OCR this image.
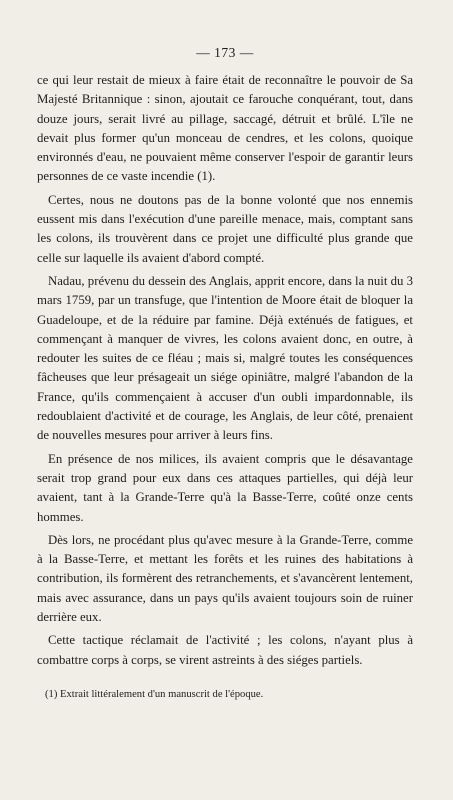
— 173 —

ce qui leur restait de mieux à faire était de reconnaître le pouvoir de Sa Majesté Britannique : sinon, ajoutait ce farouche conquérant, tout, dans douze jours, serait livré au pillage, saccagé, détruit et brûlé. L'île ne devait plus former qu'un monceau de cendres, et les colons, quoique environnés d'eau, ne pouvaient même conserver l'espoir de garantir leurs personnes de ce vaste incendie (1).

Certes, nous ne doutons pas de la bonne volonté que nos ennemis eussent mis dans l'exécution d'une pareille menace, mais, comptant sans les colons, ils trouvèrent dans ce projet une difficulté plus grande que celle sur laquelle ils avaient d'abord compté.

Nadau, prévenu du dessein des Anglais, apprit encore, dans la nuit du 3 mars 1759, par un transfuge, que l'intention de Moore était de bloquer la Guadeloupe, et de la réduire par famine. Déjà exténués de fatigues, et commençant à manquer de vivres, les colons avaient donc, en outre, à redouter les suites de ce fléau ; mais si, malgré toutes les conséquences fâcheuses que leur présageait un siége opiniâtre, malgré l'abandon de la France, qu'ils commençaient à accuser d'un oubli impardonnable, ils redoublaient d'activité et de courage, les Anglais, de leur côté, prenaient de nouvelles mesures pour arriver à leurs fins.

En présence de nos milices, ils avaient compris que le désavantage serait trop grand pour eux dans ces attaques partielles, qui déjà leur avaient, tant à la Grande-Terre qu'à la Basse-Terre, coûté onze cents hommes.

Dès lors, ne procédant plus qu'avec mesure à la Grande-Terre, comme à la Basse-Terre, et mettant les forêts et les ruines des habitations à contribution, ils formèrent des retranchements, et s'avancèrent lentement, mais avec assurance, dans un pays qu'ils avaient toujours soin de ruiner derrière eux.

Cette tactique réclamait de l'activité ; les colons, n'ayant plus à combattre corps à corps, se virent astreints à des siéges partiels.

(1) Extrait littéralement d'un manuscrit de l'époque.
